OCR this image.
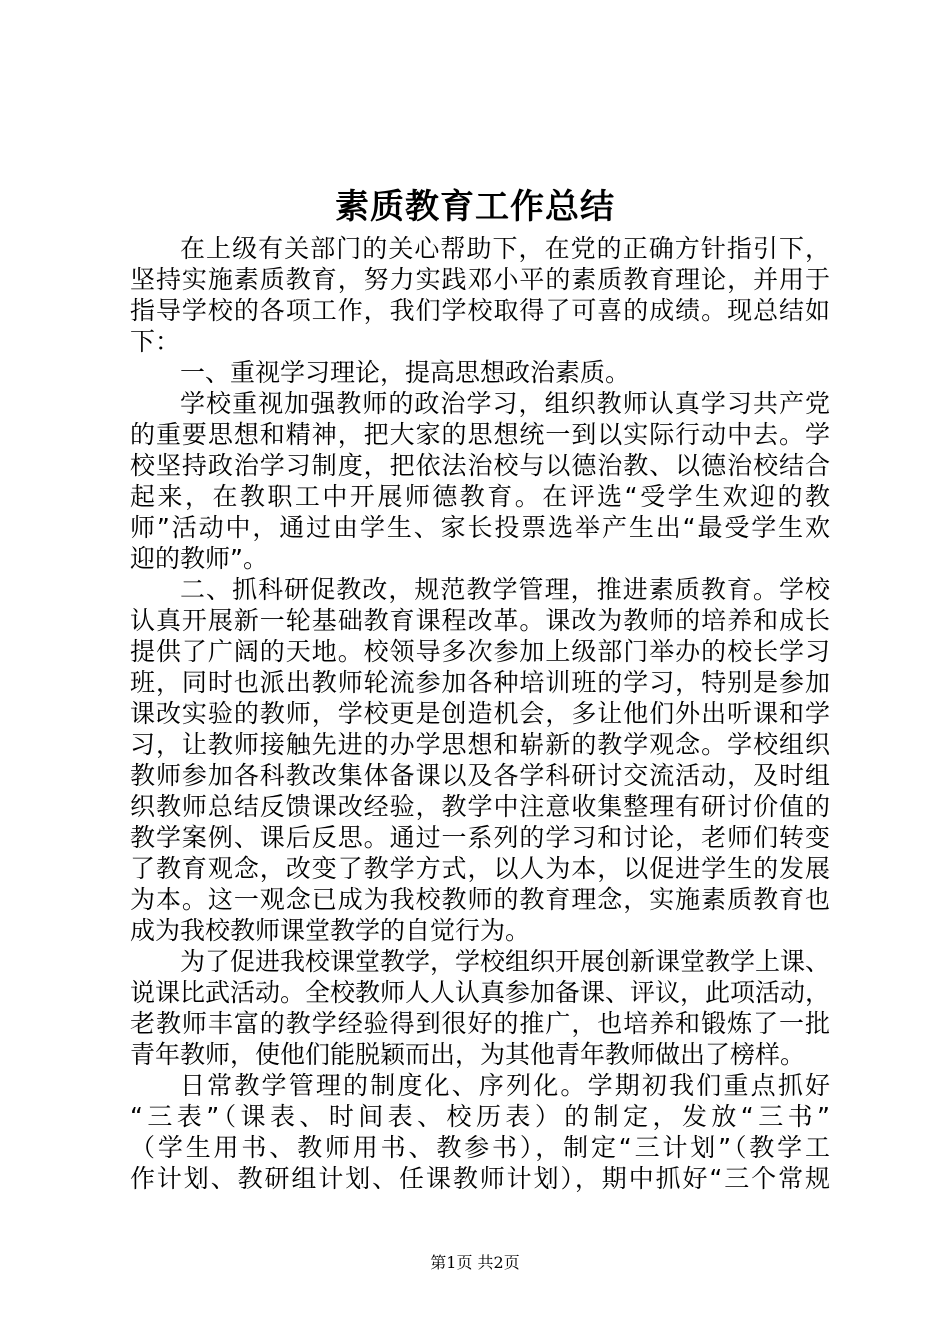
素质教育工作总结
在上级有关部门的关心帮助下，在党的正确方针指引下，
坚持实施素质教育，努力实践邓小平的素质教育理论，并用于
指导学校的各项工作，我们学校取得了可喜的成绩。现总结如
下：
一、重视学习理论，提高思想政治素质。
学校重视加强教师的政治学习，组织教师认真学习共产党
的重要思想和精神，把大家的思想统一到以实际行动中去。学
校坚持政治学习制度，把依法治校与以德治教、以德治校结合
起来，在教职工中开展师德教育。在评选“受学生欢迎的教
师”活动中，通过由学生、家长投票选举产生出“最受学生欢
迎的教师”。
二、抓科研促教改，规范教学管理，推进素质教育。学校
认真开展新一轮基础教育课程改革。课改为教师的培养和成长
提供了广阔的天地。校领导多次参加上级部门举办的校长学习
班，同时也派出教师轮流参加各种培训班的学习，特别是参加
课改实验的教师，学校更是创造机会，多让他们外出听课和学
习，让教师接触先进的办学思想和崭新的教学观念。学校组织
教师参加各科教改集体备课以及各学科研讨交流活动，及时组
织教师总结反馈课改经验，教学中注意收集整理有研讨价值的
教学案例、课后反思。通过一系列的学习和讨论，老师们转变
了教育观念，改变了教学方式，以人为本，以促进学生的发展
为本。这一观念已成为我校教师的教育理念，实施素质教育也
成为我校教师课堂教学的自觉行为。
为了促进我校课堂教学，学校组织开展创新课堂教学上课、
说课比武活动。全校教师人人认真参加备课、评议，此项活动，
老教师丰富的教学经验得到很好的推广，也培养和锻炼了一批
青年教师，使他们能脱颖而出，为其他青年教师做出了榜样。
日常教学管理的制度化、序列化。学期初我们重点抓好
“三表”（课表、时间表、校历表）的制定，发放“三书”
（学生用书、教师用书、教参书），制定“三计划”（教学工
作计划、教研组计划、任课教师计划），期中抓好“三个常规
第1页 共2页
